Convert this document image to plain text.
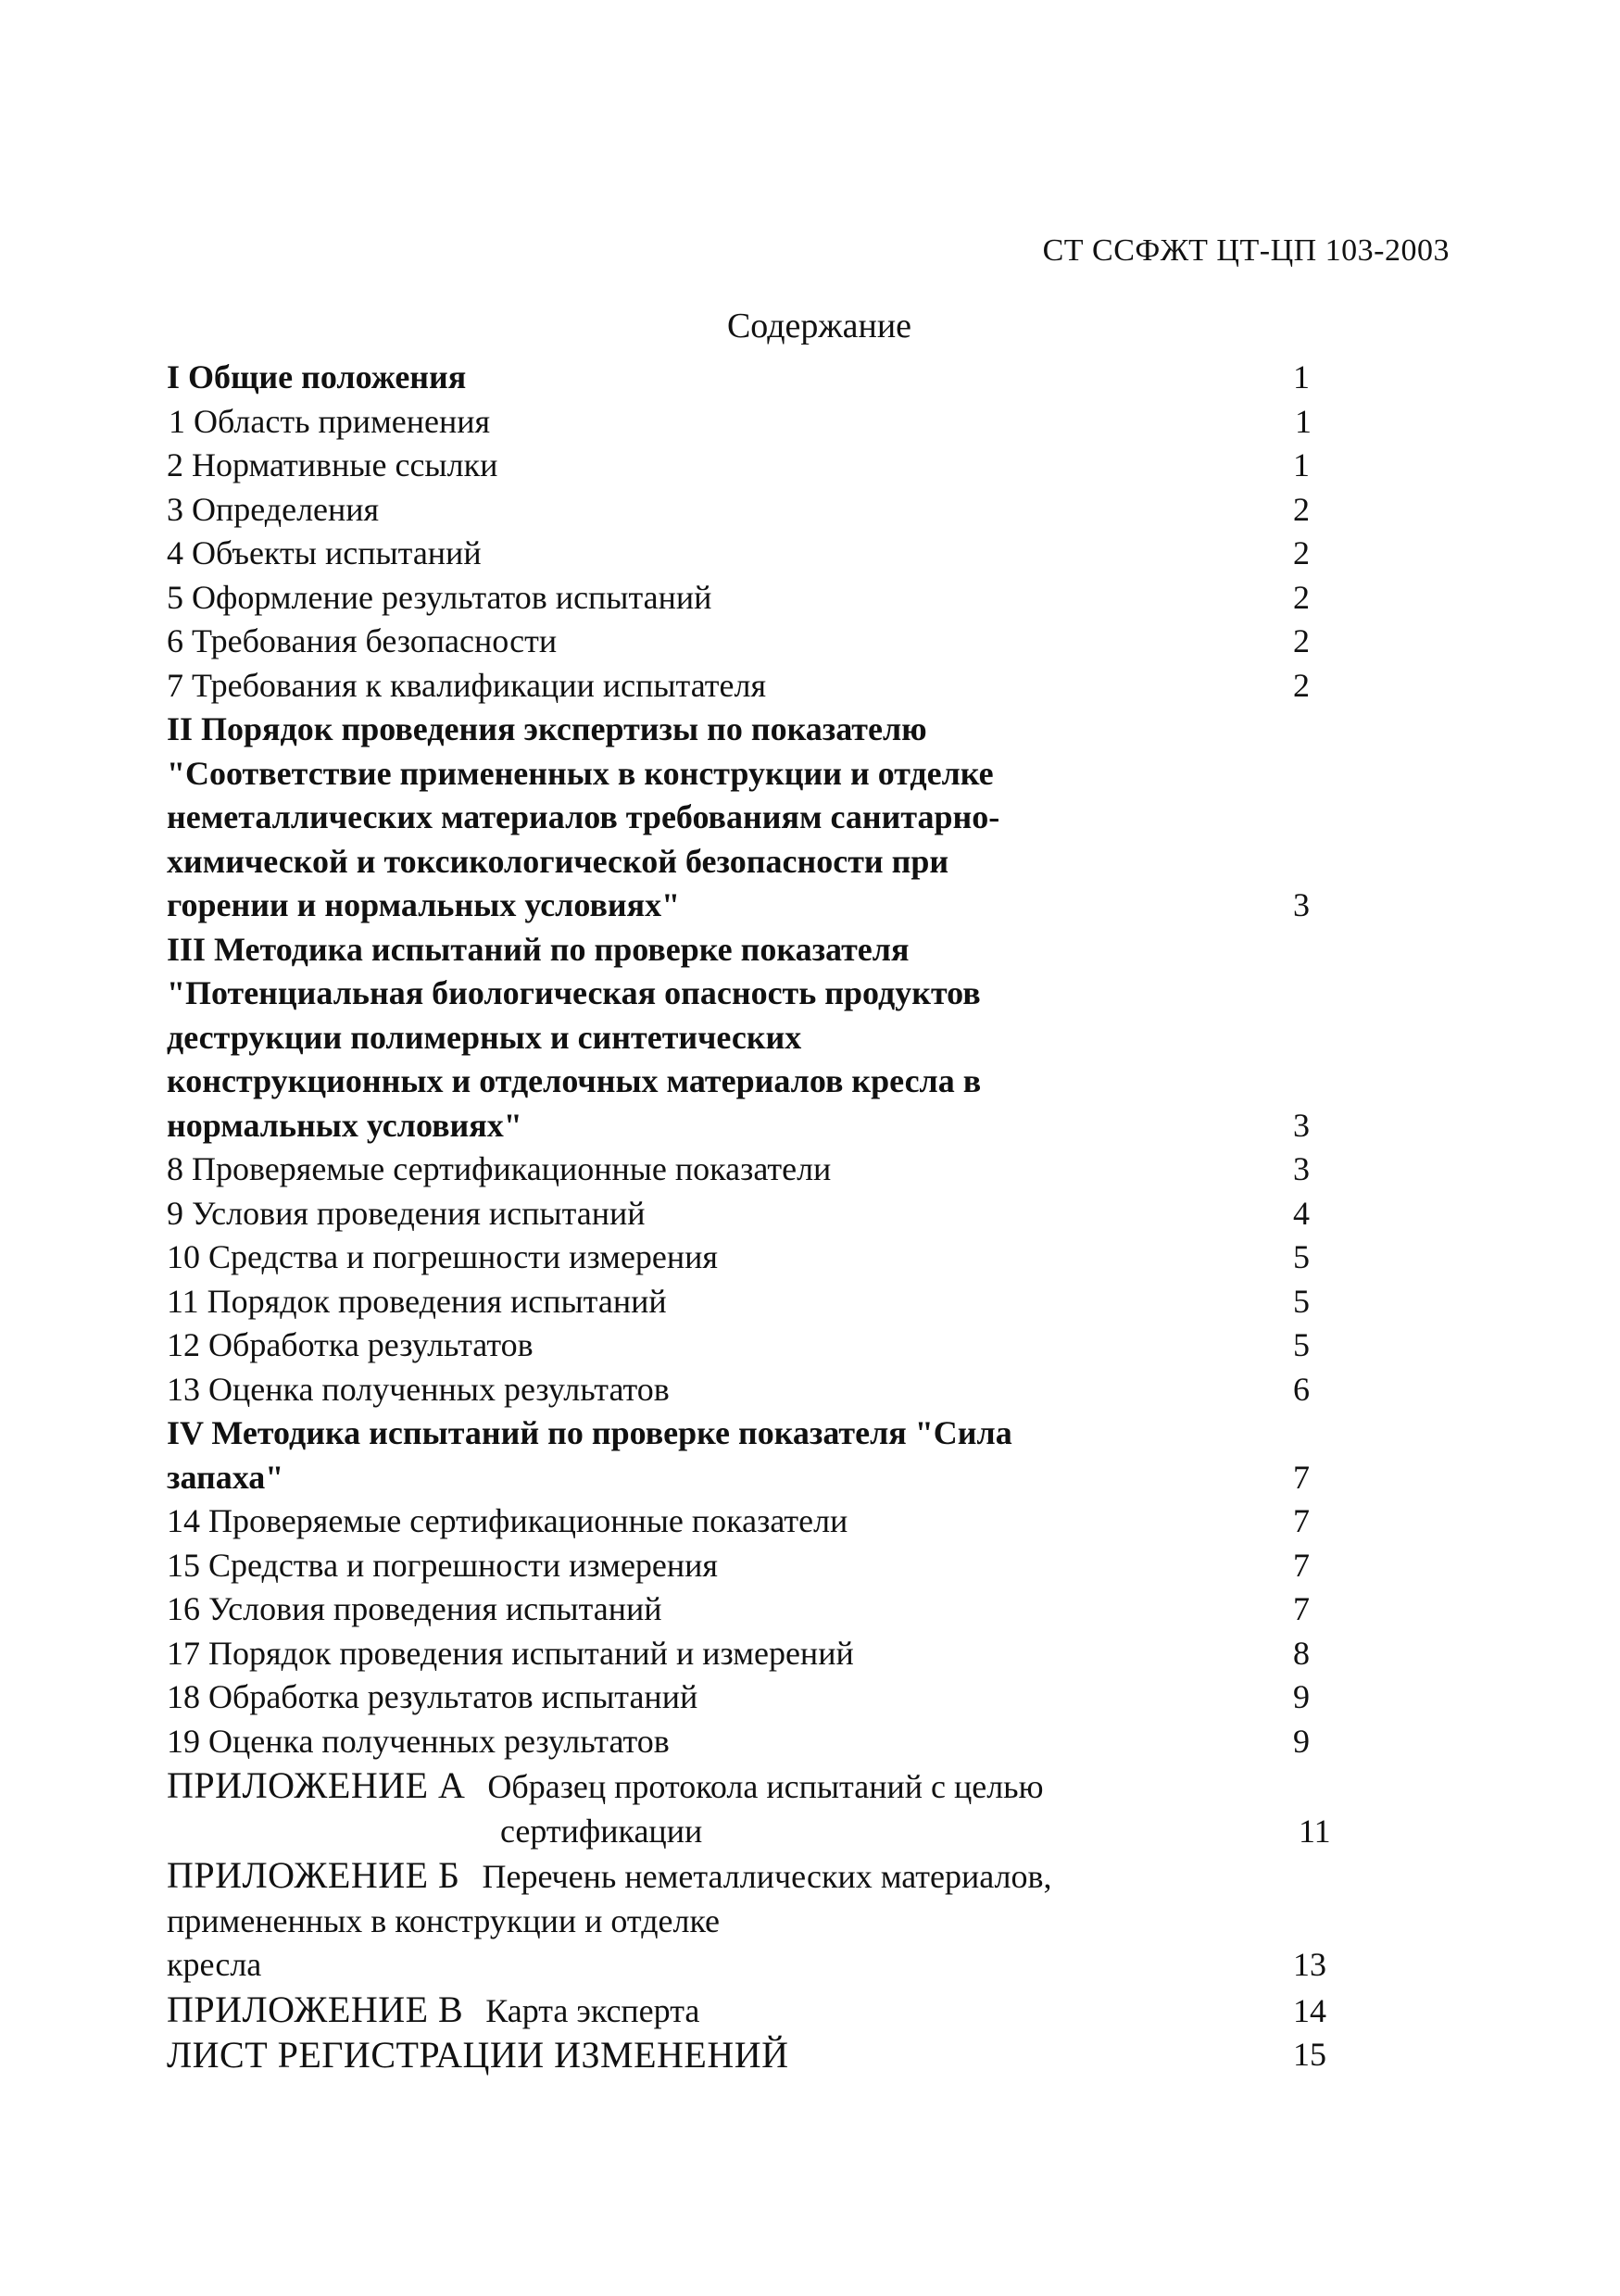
СТ ССФЖТ ЦТ-ЦП 103-2003
Содержание
I Общие положения	1
1 Область применения	1
2 Нормативные ссылки	1
3 Определения	2
4 Объекты испытаний	2
5 Оформление результатов испытаний	2
6 Требования безопасности	2
7 Требования к квалификации испытателя	2
II Порядок проведения экспертизы по показателю
"Соответствие примененных в конструкции и отделке
неметаллических материалов требованиям санитарно-
химической и токсикологической безопасности при
горении и нормальных условиях"	3
III Методика испытаний по проверке показателя
"Потенциальная биологическая опасность продуктов
деструкции полимерных и синтетических
конструкционных и отделочных материалов кресла в
нормальных условиях"	3
8 Проверяемые сертификационные показатели	3
9 Условия проведения испытаний	4
10 Средства и погрешности измерения	5
11 Порядок проведения испытаний	5
12 Обработка результатов	5
13 Оценка полученных результатов	6
IV Методика испытаний по проверке показателя "Сила
запаха"	7
14 Проверяемые сертификационные показатели	7
15 Средства и погрешности измерения	7
16 Условия проведения испытаний	7
17 Порядок проведения испытаний и измерений	8
18 Обработка результатов испытаний	9
19 Оценка полученных результатов	9
ПРИЛОЖЕНИЕ А Образец протокола испытаний с целью
сертификации	11
ПРИЛОЖЕНИЕ Б Перечень неметаллических материалов,
примененных в конструкции и отделке
кресла	13
ПРИЛОЖЕНИЕ В Карта эксперта	14
ЛИСТ РЕГИСТРАЦИИ ИЗМЕНЕНИЙ	15
